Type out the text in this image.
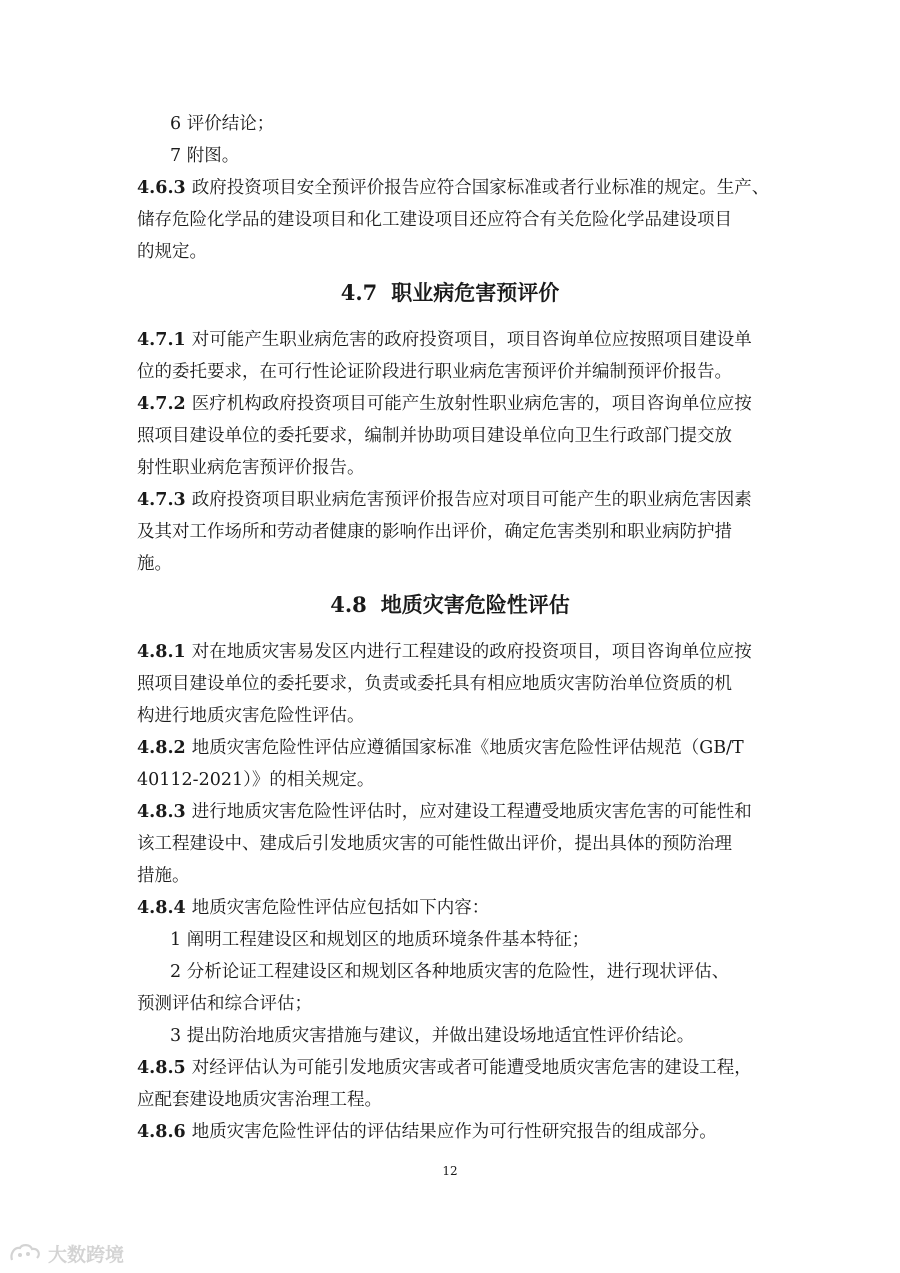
6 评价结论；
7 附图。
4.6.3 政府投资项目安全预评价报告应符合国家标准或者行业标准的规定。生产、
储存危险化学品的建设项目和化工建设项目还应符合有关危险化学品建设项目
的规定。
4.7 职业病危害预评价
4.7.1 对可能产生职业病危害的政府投资项目，项目咨询单位应按照项目建设单
位的委托要求，在可行性论证阶段进行职业病危害预评价并编制预评价报告。
4.7.2 医疗机构政府投资项目可能产生放射性职业病危害的，项目咨询单位应按
照项目建设单位的委托要求，编制并协助项目建设单位向卫生行政部门提交放
射性职业病危害预评价报告。
4.7.3 政府投资项目职业病危害预评价报告应对项目可能产生的职业病危害因素
及其对工作场所和劳动者健康的影响作出评价，确定危害类别和职业病防护措
施。
4.8 地质灾害危险性评估
4.8.1 对在地质灾害易发区内进行工程建设的政府投资项目，项目咨询单位应按
照项目建设单位的委托要求，负责或委托具有相应地质灾害防治单位资质的机
构进行地质灾害危险性评估。
4.8.2 地质灾害危险性评估应遵循国家标准《地质灾害危险性评估规范（GB/T
40112-2021）》的相关规定。
4.8.3 进行地质灾害危险性评估时，应对建设工程遭受地质灾害危害的可能性和
该工程建设中、建成后引发地质灾害的可能性做出评价，提出具体的预防治理
措施。
4.8.4 地质灾害危险性评估应包括如下内容：
1 阐明工程建设区和规划区的地质环境条件基本特征；
2 分析论证工程建设区和规划区各种地质灾害的危险性，进行现状评估、
预测评估和综合评估；
3 提出防治地质灾害措施与建议，并做出建设场地适宜性评价结论。
4.8.5 对经评估认为可能引发地质灾害或者可能遭受地质灾害危害的建设工程，
应配套建设地质灾害治理工程。
4.8.6 地质灾害危险性评估的评估结果应作为可行性研究报告的组成部分。
12
大数跨境
